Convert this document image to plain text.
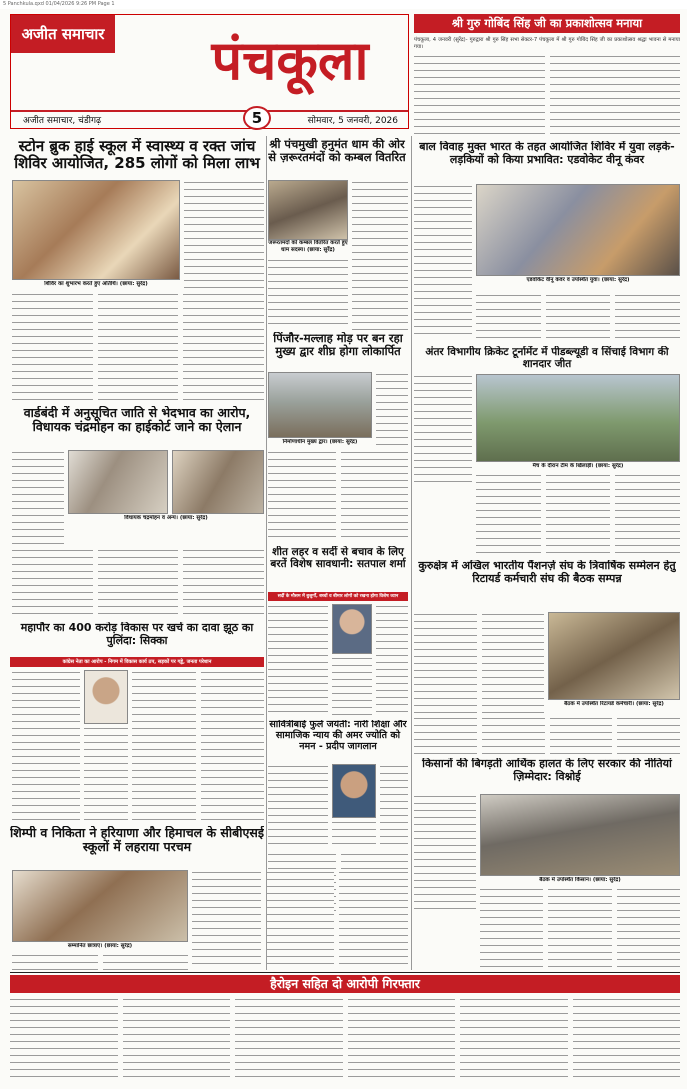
5 Panchkula.qxd 01/04/2026 9:26 PM Page 1
अजीत समाचार	पंचकूला
अजीत समाचार, चंडीगढ़	5	सोमवार, 5 जनवरी, 2026
श्री गुरु गोबिंद सिंह जी का प्रकाशोत्सव मनाया
पंचकूला, 4 जनवरी (सुरेंद्र)- गुरुद्वारा श्री गुरु सिंह सभा सेक्टर-7 पंचकूला में श्री गुरु गोबिंद सिंह जी का प्रकाशोत्सव श्रद्धा भावना से मनाया गया।
स्टोन ब्रुक हाई स्कूल में स्वास्थ्य व रक्त जांच शिविर आयोजित, 285 लोगों को मिला लाभ
शिविर का शुभारंभ करते हुए अतिथि। (छाया: सुरेंद्र)
श्री पंचमुखी हनुमंत धाम की ओर से ज़रूरतमंदों को कम्बल वितरित
जरूरतमंदों को कम्बल वितरित करते हुए धाम सदस्य। (छाया: सुरेंद्र)
बाल विवाह मुक्त भारत के तहत आयोजित शिविर में युवा लड़के-लड़कियों को किया प्रभावित: एडवोकेट वीनू कंवर
एडवोकेट वीनू कंवर व उपस्थित युवा। (छाया: सुरेंद्र)
पिंजौर-मल्लाह मोड़ पर बन रहा मुख्य द्वार शीघ्र होगा लोकार्पित
निर्माणाधीन मुख्य द्वार। (छाया: सुरेंद्र)
वार्डबंदी में अनुसूचित जाति से भेदभाव का आरोप, विधायक चंद्रमोहन का हाईकोर्ट जाने का ऐलान
विधायक चंद्रमोहन व अन्य। (छाया: सुरेंद्र)
अंतर विभागीय क्रिकेट टूर्नामेंट में पीडब्ल्यूडी व सिंचाई विभाग की शानदार जीत
मैच के दौरान टीम के खिलाड़ी। (छाया: सुरेंद्र)
शीत लहर व सर्दी से बचाव के लिए बरतें विशेष सावधानी: सतपाल शर्मा
सर्दी के मौसम में बुजुर्गों, बच्चों व बीमार लोगों को रखना होगा विशेष ध्यान
कुरुक्षेत्र में अखिल भारतीय पैंशनर्ज़ संघ के त्रिवार्षिक सम्मेलन हेतु रिटायर्ड कर्मचारी संघ की बैठक सम्पन्न
बैठक में उपस्थित रिटायर्ड कर्मचारी। (छाया: सुरेंद्र)
महापौर का 400 करोड़ विकास पर खर्च का दावा झूठ का पुलिंदा: सिक्का
कांग्रेस नेता का आरोप - निगम में विकास कार्य ठप, सड़कों पर गड्ढे, जनता परेशान
सावित्रीबाई फुले जयंती: नारी शिक्षा और सामाजिक न्याय की अमर ज्योति को नमन - प्रदीप जागलान
किसानों की बिगड़ती आर्थिक हालत के लिए सरकार की नीतियां ज़िम्मेदार: विश्नोई
बैठक में उपस्थित किसान। (छाया: सुरेंद्र)
शिम्पी व निकिता ने हरियाणा और हिमाचल के सीबीएसई स्कूलों में लहराया परचम
सम्मानित छात्राएं। (छाया: सुरेंद्र)
हैरोइन सहित दो आरोपी गिरफ्तार
